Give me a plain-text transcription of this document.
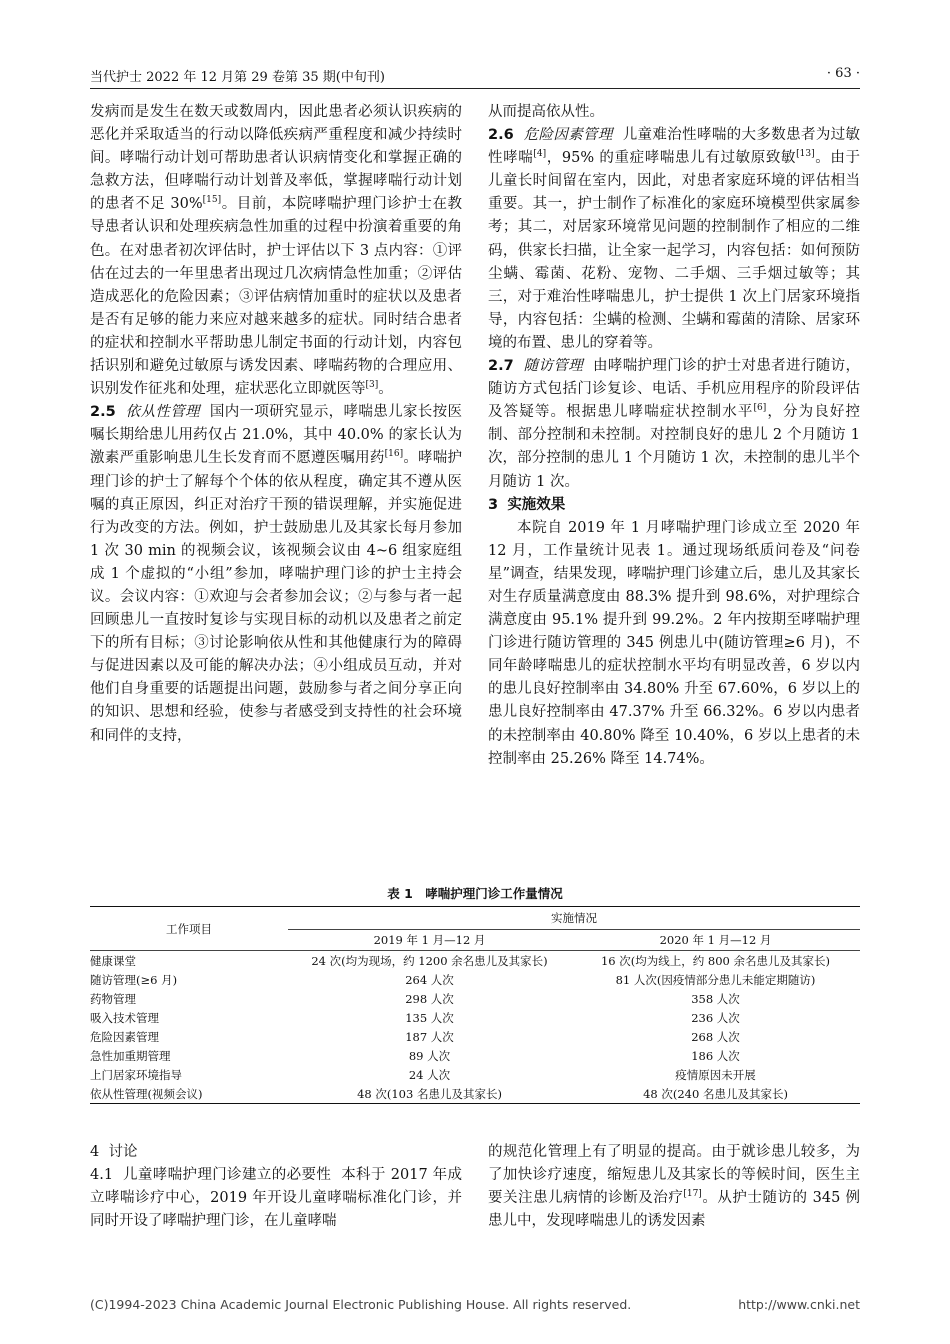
当代护士 2022 年 12 月第 29 卷第 35 期(中旬刊)	· 63 ·

发病而是发生在数天或数周内，因此患者必须认识疾病的恶化并采取适当的行动以降低疾病严重程度和减少持续时间。哮喘行动计划可帮助患者认识病情变化和掌握正确的急救方法，但哮喘行动计划普及率低，掌握哮喘行动计划的患者不足 30%[15]。目前，本院哮喘护理门诊护士在教导患者认识和处理疾病急性加重的过程中扮演着重要的角色。在对患者初次评估时，护士评估以下 3 点内容：①评估在过去的一年里患者出现过几次病情急性加重；②评估造成恶化的危险因素；③评估病情加重时的症状以及患者是否有足够的能力来应对越来越多的症状。同时结合患者的症状和控制水平帮助患儿制定书面的行动计划，内容包括识别和避免过敏原与诱发因素、哮喘药物的合理应用、识别发作征兆和处理，症状恶化立即就医等[3]。

2.5 依从性管理 国内一项研究显示，哮喘患儿家长按医嘱长期给患儿用药仅占 21.0%，其中 40.0% 的家长认为激素严重影响患儿生长发育而不愿遵医嘱用药[16]。哮喘护理门诊的护士了解每个个体的依从程度，确定其不遵从医嘱的真正原因，纠正对治疗干预的错误理解，并实施促进行为改变的方法。例如，护士鼓励患儿及其家长每月参加 1 次 30 min 的视频会议，该视频会议由 4~6 组家庭组成 1 个虚拟的“小组”参加，哮喘护理门诊的护士主持会议。会议内容：①欢迎与会者参加会议；②与参与者一起回顾患儿一直按时复诊与实现目标的动机以及患者之前定下的所有目标；③讨论影响依从性和其他健康行为的障碍与促进因素以及可能的解决办法；④小组成员互动，并对他们自身重要的话题提出问题，鼓励参与者之间分享正向的知识、思想和经验，使参与者感受到支持性的社会环境和同伴的支持，

从而提高依从性。

2.6 危险因素管理 儿童难治性哮喘的大多数患者为过敏性哮喘[4]，95% 的重症哮喘患儿有过敏原致敏[13]。由于儿童长时间留在室内，因此，对患者家庭环境的评估相当重要。其一，护士制作了标准化的家庭环境模型供家属参考；其二，对居家环境常见问题的控制制作了相应的二维码，供家长扫描，让全家一起学习，内容包括：如何预防尘螨、霉菌、花粉、宠物、二手烟、三手烟过敏等；其三，对于难治性哮喘患儿，护士提供 1 次上门居家环境指导，内容包括：尘螨的检测、尘螨和霉菌的清除、居家环境的布置、患儿的穿着等。

2.7 随访管理 由哮喘护理门诊的护士对患者进行随访，随访方式包括门诊复诊、电话、手机应用程序的阶段评估及答疑等。根据患儿哮喘症状控制水平[6]，分为良好控制、部分控制和未控制。对控制良好的患儿 2 个月随访 1 次，部分控制的患儿 1 个月随访 1 次，未控制的患儿半个月随访 1 次。

3 实施效果

本院自 2019 年 1 月哮喘护理门诊成立至 2020 年 12 月，工作量统计见表 1。通过现场纸质问卷及“问卷星”调查，结果发现，哮喘护理门诊建立后，患儿及其家长对生存质量满意度由 88.3% 提升到 98.6%，对护理综合满意度由 95.1% 提升到 99.2%。2 年内按期至哮喘护理门诊进行随访管理的 345 例患儿中(随访管理≥6 月)，不同年龄哮喘患儿的症状控制水平均有明显改善，6 岁以内的患儿良好控制率由 34.80% 升至 67.60%，6 岁以上的患儿良好控制率由 47.37% 升至 66.32%。6 岁以内患者的未控制率由 40.80% 降至 10.40%，6 岁以上患者的未控制率由 25.26% 降至 14.74%。

表 1　哮喘护理门诊工作量情况
工作项目	实施情况	
	2019 年 1 月—12 月	2020 年 1 月—12 月
健康课堂	24 次(均为现场，约 1200 余名患儿及其家长)	16 次(均为线上，约 800 余名患儿及其家长)
随访管理(≥6 月)	264 人次	81 人次(因疫情部分患儿未能定期随访)
药物管理	298 人次	358 人次
吸入技术管理	135 人次	236 人次
危险因素管理	187 人次	268 人次
急性加重期管理	89 人次	186 人次
上门居家环境指导	24 人次	疫情原因未开展
依从性管理(视频会议)	48 次(103 名患儿及其家长)	48 次(240 名患儿及其家长)

4 讨论

4.1 儿童哮喘护理门诊建立的必要性 本科于 2017 年成立哮喘诊疗中心，2019 年开设儿童哮喘标准化门诊，并同时开设了哮喘护理门诊，在儿童哮喘

的规范化管理上有了明显的提高。由于就诊患儿较多，为了加快诊疗速度，缩短患儿及其家长的等候时间，医生主要关注患儿病情的诊断及治疗[17]。从护士随访的 345 例患儿中，发现哮喘患儿的诱发因素

(C)1994-2023 China Academic Journal Electronic Publishing House. All rights reserved.	http://www.cnki.net
